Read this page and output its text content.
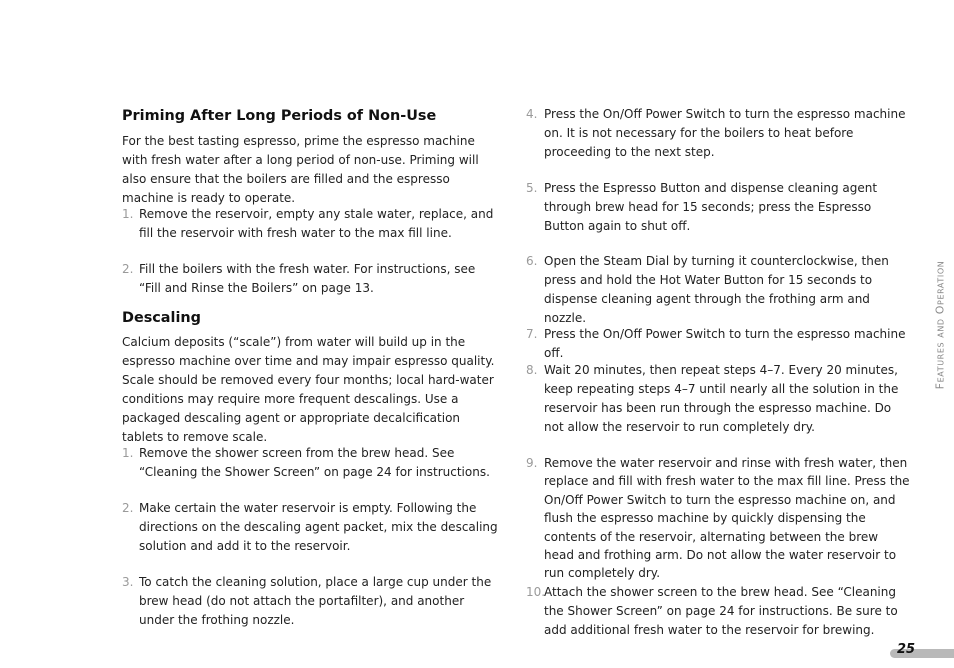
Priming After Long Periods of Non-Use

For the best tasting espresso, prime the espresso machine with fresh water after a long period of non-use. Priming will also ensure that the boilers are filled and the espresso machine is ready to operate.

1. Remove the reservoir, empty any stale water, replace, and fill the reservoir with fresh water to the max fill line.
2. Fill the boilers with the fresh water. For instructions, see “Fill and Rinse the Boilers” on page 13.
Descaling

Calcium deposits (“scale”) from water will build up in the espresso machine over time and may impair espresso quality. Scale should be removed every four months; local hard-water conditions may require more frequent descalings. Use a packaged descaling agent or appropriate decalcification tablets to remove scale.

1. Remove the shower screen from the brew head. See “Cleaning the Shower Screen” on page 24 for instructions.
2. Make certain the water reservoir is empty. Following the directions on the descaling agent packet, mix the descaling solution and add it to the reservoir.
3. To catch the cleaning solution, place a large cup under the brew head (do not attach the portafilter), and another under the frothing nozzle.
4. Press the On/Off Power Switch to turn the espresso machine on. It is not necessary for the boilers to heat before proceeding to the next step.
5. Press the Espresso Button and dispense cleaning agent through brew head for 15 seconds; press the Espresso Button again to shut off.
6. Open the Steam Dial by turning it counterclockwise, then press and hold the Hot Water Button for 15 seconds to dispense cleaning agent through the frothing arm and nozzle.
7. Press the On/Off Power Switch to turn the espresso machine off.
8. Wait 20 minutes, then repeat steps 4–7. Every 20 minutes, keep repeating steps 4–7 until nearly all the solution in the reservoir has been run through the espresso machine. Do not allow the reservoir to run completely dry.
9. Remove the water reservoir and rinse with fresh water, then replace and fill with fresh water to the max fill line. Press the On/Off Power Switch to turn the espresso machine on, and flush the espresso machine by quickly dispensing the contents of the reservoir, alternating between the brew head and frothing arm. Do not allow the water reservoir to run completely dry.
10.
Attach the shower screen to the brew head. See “Cleaning the Shower Screen” on page 24 for instructions. Be sure to add additional fresh water to the reservoir for brewing.
Features and Operation
25
